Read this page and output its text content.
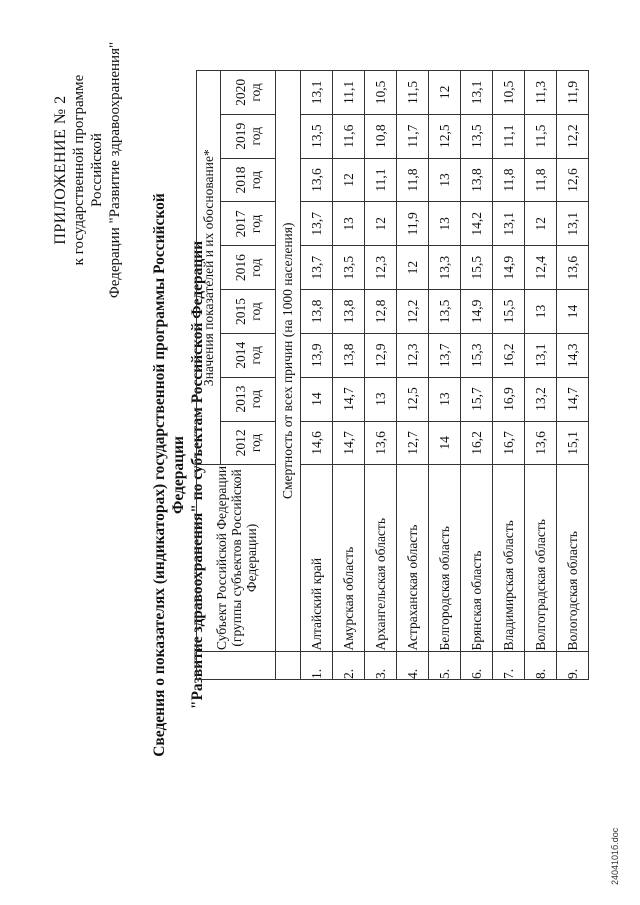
ПРИЛОЖЕНИЕ № 2 к государственной программе Российской Федерации "Развитие здравоохранения"
Сведения о показателях (индикаторах) государственной программы Российской Федерации "Развитие здравоохранения" по субъектам Российской Федерации
	Субъект Российской Федерации (группы субъектов Российской Федерации)	Значения показателей и их обоснование*								

		2012 год	2013 год	2014 год	2015 год	2016 год	2017 год	2018 год	2019 год	2020 год

	Смертность от всех причин (на 1000 населения)									
1.	Алтайский край	14,6	14	13,9	13,8	13,7	13,7	13,6	13,5	13,1
2.	Амурская область	14,7	14,7	13,8	13,8	13,5	13	12	11,6	11,1
3.	Архангельская область	13,6	13	12,9	12,8	12,3	12	11,1	10,8	10,5
4.	Астраханская область	12,7	12,5	12,3	12,2	12	11,9	11,8	11,7	11,5
5.	Белгородская область	14	13	13,7	13,5	13,3	13	13	12,5	12
6.	Брянская область	16,2	15,7	15,3	14,9	15,5	14,2	13,8	13,5	13,1
7.	Владимирская область	16,7	16,9	16,2	15,5	14,9	13,1	11,8	11,1	10,5
8.	Волгоградская область	13,6	13,2	13,1	13	12,4	12	11,8	11,5	11,3
9.	Вологодская область	15,1	14,7	14,3	14	13,6	13,1	12,6	12,2	11,9
2404101б.doc
